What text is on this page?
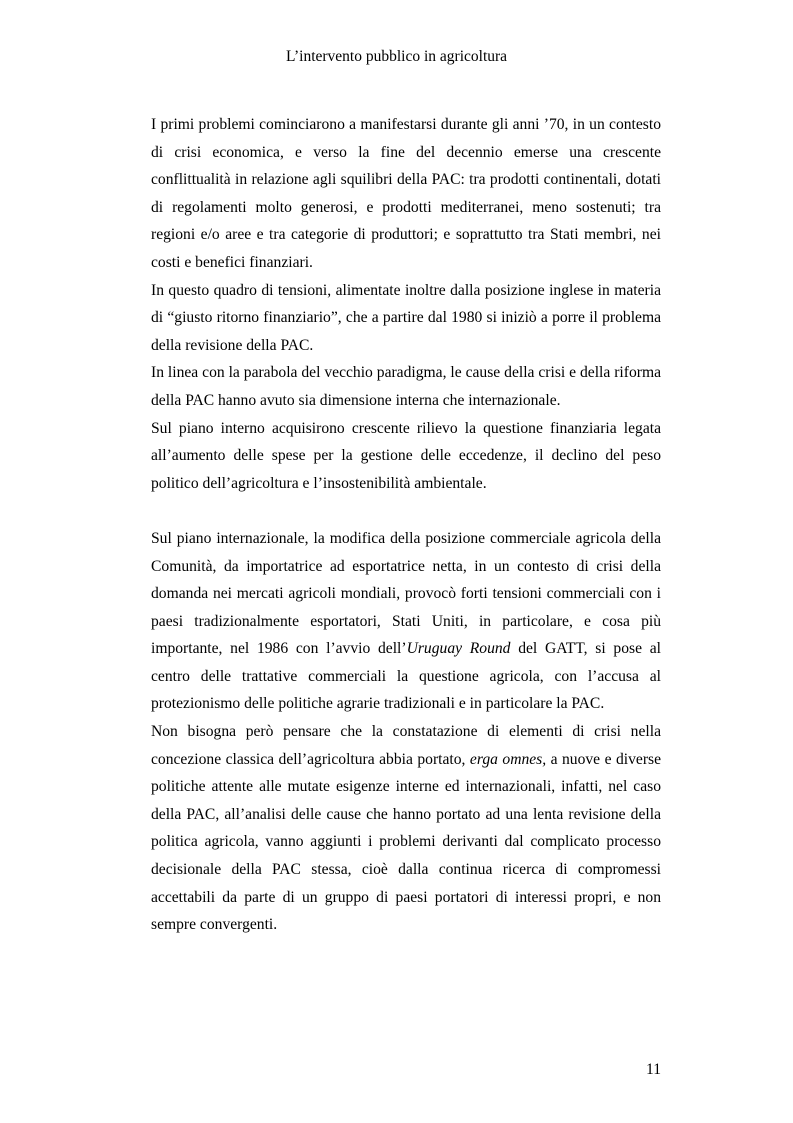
L’intervento pubblico in agricoltura

I primi problemi cominciarono a manifestarsi durante gli anni ’70, in un contesto di crisi economica, e verso la fine del decennio emerse una crescente conflittualità in relazione agli squilibri della PAC: tra prodotti continentali, dotati di regolamenti molto generosi, e prodotti mediterranei, meno sostenuti; tra regioni e/o aree e tra categorie di produttori; e soprattutto tra Stati membri, nei costi e benefici finanziari.

In questo quadro di tensioni, alimentate inoltre dalla posizione inglese in materia di “giusto ritorno finanziario”, che a partire dal 1980 si iniziò a porre il problema della revisione della PAC.

In linea con la parabola del vecchio paradigma, le cause della crisi e della riforma della PAC hanno avuto sia dimensione interna che internazionale.

Sul piano interno acquisirono crescente rilievo la questione finanziaria legata all’aumento delle spese per la gestione delle eccedenze, il declino del peso politico dell’agricoltura e l’insostenibilità ambientale.

Sul piano internazionale, la modifica della posizione commerciale agricola della Comunità, da importatrice ad esportatrice netta, in un contesto di crisi della domanda nei mercati agricoli mondiali, provocò forti tensioni commerciali con i paesi tradizionalmente esportatori, Stati Uniti, in particolare, e cosa più importante, nel 1986 con l’avvio dell’Uruguay Round del GATT, si pose al centro delle trattative commerciali la questione agricola, con l’accusa al protezionismo delle politiche agrarie tradizionali e in particolare la PAC.

Non bisogna però pensare che la constatazione di elementi di crisi nella concezione classica dell’agricoltura abbia portato, erga omnes, a nuove e diverse politiche attente alle mutate esigenze interne ed internazionali, infatti, nel caso della PAC, all’analisi delle cause che hanno portato ad una lenta revisione della politica agricola, vanno aggiunti i problemi derivanti dal complicato processo decisionale della PAC stessa, cioè dalla continua ricerca di compromessi accettabili da parte di un gruppo di paesi portatori di interessi propri, e non sempre convergenti.

11
